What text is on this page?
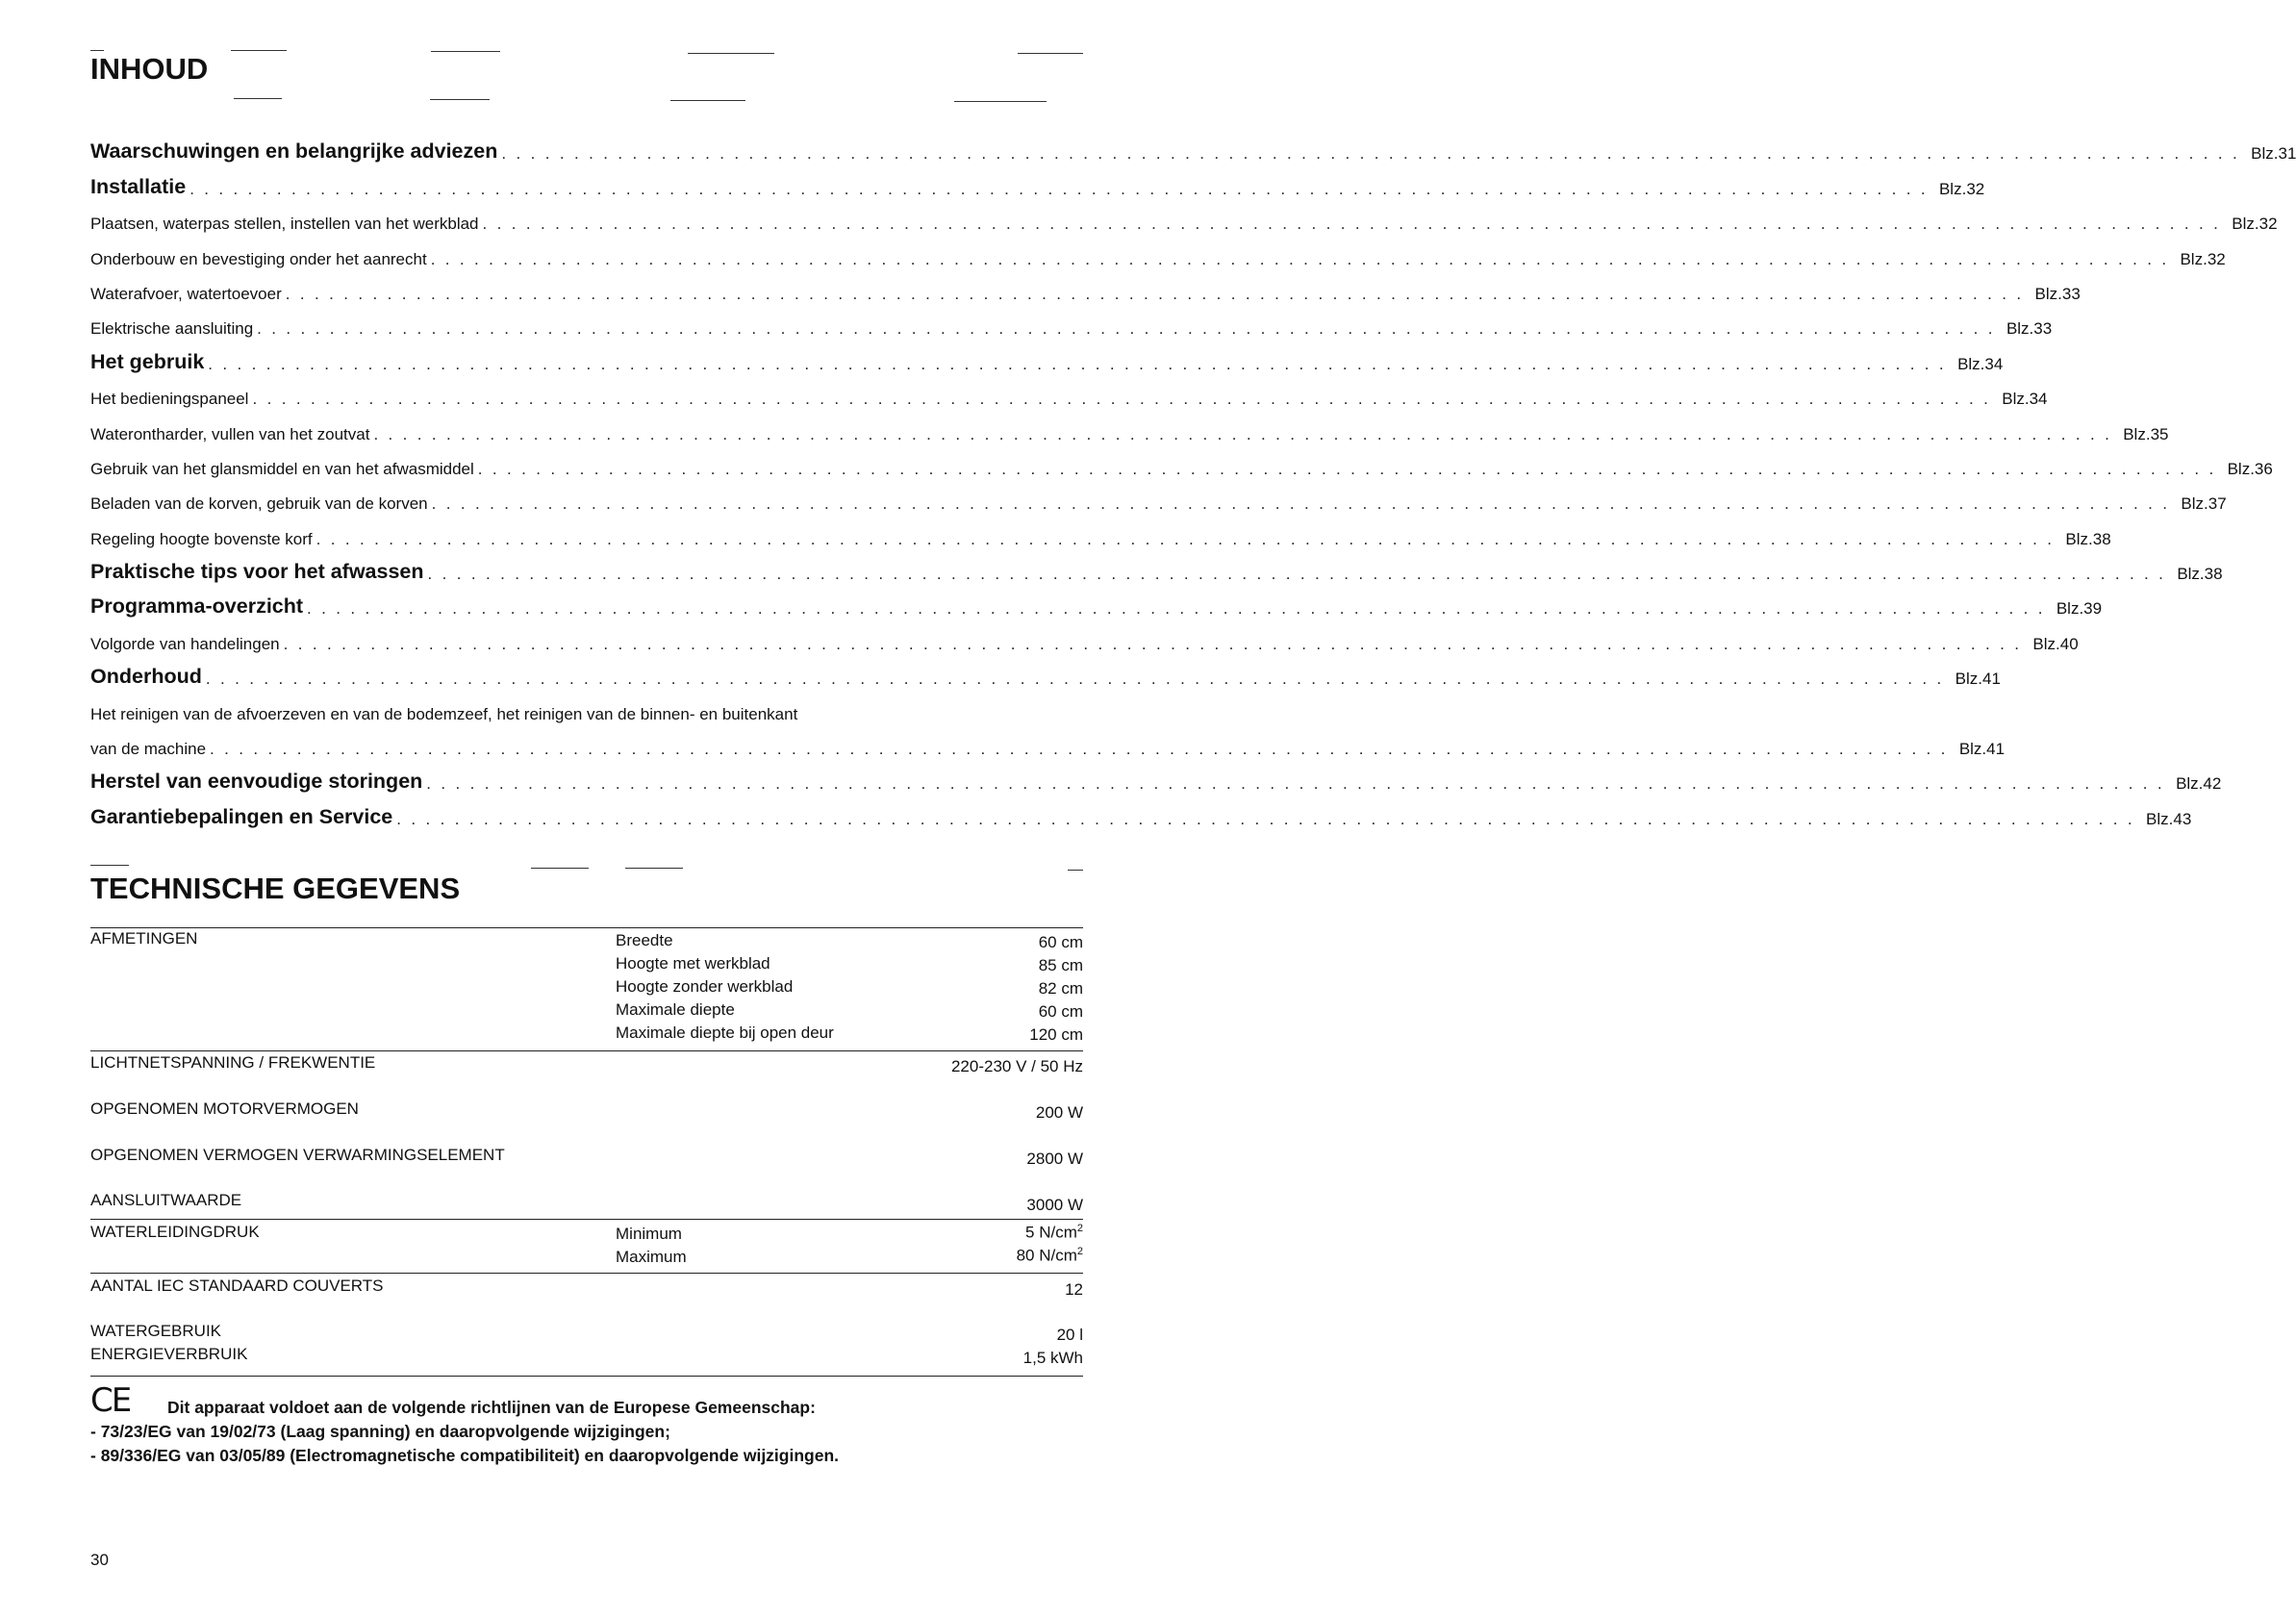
INHOUD
Waarschuwingen en belangrijke adviezen ........................................................................................................................ Blz. 31
Installatie ........................................................................................................................ Blz. 32
Plaatsen, waterpas stellen, instellen van het werkblad ........................................................................................................................ Blz. 32
Onderbouw en bevestiging onder het aanrecht ........................................................................................................................ Blz. 32
Waterafvoer, watertoevoer ........................................................................................................................ Blz. 33
Elektrische aansluiting ........................................................................................................................ Blz. 33
Het gebruik ........................................................................................................................ Blz. 34
Het bedieningspaneel ........................................................................................................................ Blz. 34
Waterontharder, vullen van het zoutvat ........................................................................................................................ Blz. 35
Gebruik van het glansmiddel en van het afwasmiddel ........................................................................................................................ Blz. 36
Beladen van de korven, gebruik van de korven ........................................................................................................................ Blz. 37
Regeling hoogte bovenste korf ........................................................................................................................ Blz. 38
Praktische tips voor het afwassen ........................................................................................................................ Blz. 38
Programma-overzicht ........................................................................................................................ Blz. 39
Volgorde van handelingen ........................................................................................................................ Blz. 40
Onderhoud ........................................................................................................................ Blz. 41
Het reinigen van de afvoerzeven en van de bodemzeef, het reinigen van de binnen- en buitenkant
van de machine ........................................................................................................................ Blz. 41
Herstel van eenvoudige storingen ........................................................................................................................ Blz. 42
Garantiebepalingen en Service ........................................................................................................................ Blz. 43
TECHNISCHE GEGEVENS
AFMETINGEN	Breedte	60 cm
Hoogte met werkblad	85 cm
Hoogte zonder werkblad	82 cm
Maximale diepte	60 cm
Maximale diepte bij open deur	120 cm
LICHTNETSPANNING / FREKWENTIE	220-230 V / 50 Hz
OPGENOMEN MOTORVERMOGEN	200 W
OPGENOMEN VERMOGEN VERWARMINGSELEMENT	2800 W
AANSLUITWAARDE	3000 W
WATERLEIDINGDRUK	Minimum	5 $N/cm^2$
Maximum	80 $N/cm^2$
AANTAL IEC STANDAARD COUVERTS	12
WATERGEBRUIK	20 l
ENERGIEVERBRUIK	1,5 kWh
CE Dit apparaat voldoet aan de volgende richtlijnen van de Europese Gemeenschap:
- 73/23/EG van 19/02/73 (Laag spanning) en daaropvolgende wijzigingen;
- 89/336/EG van 03/05/89 (Electromagnetische compatibiliteit) en daaropvolgende wijzigingen.
30
